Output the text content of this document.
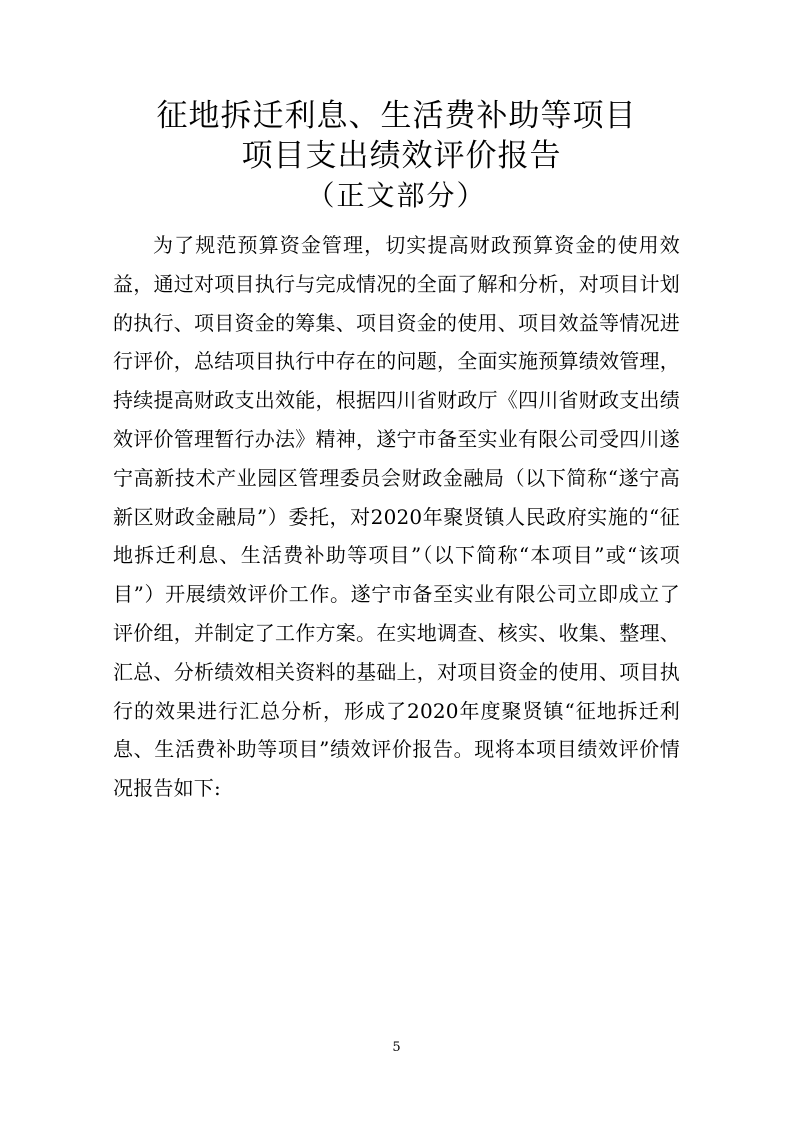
征地拆迁利息、生活费补助等项目
项目支出绩效评价报告
（正文部分）

为了规范预算资金管理，切实提高财政预算资金的使用效益，通过对项目执行与完成情况的全面了解和分析，对项目计划的执行、项目资金的筹集、项目资金的使用、项目效益等情况进行评价，总结项目执行中存在的问题，全面实施预算绩效管理，持续提高财政支出效能，根据四川省财政厅《四川省财政支出绩效评价管理暂行办法》精神，遂宁市备至实业有限公司受四川遂宁高新技术产业园区管理委员会财政金融局（以下简称“遂宁高新区财政金融局”）委托，对2020年聚贤镇人民政府实施的“征地拆迁利息、生活费补助等项目”（以下简称“本项目”或“该项目”）开展绩效评价工作。遂宁市备至实业有限公司立即成立了评价组，并制定了工作方案。在实地调查、核实、收集、整理、汇总、分析绩效相关资料的基础上，对项目资金的使用、项目执行的效果进行汇总分析，形成了2020年度聚贤镇“征地拆迁利息、生活费补助等项目”绩效评价报告。现将本项目绩效评价情况报告如下:

5
